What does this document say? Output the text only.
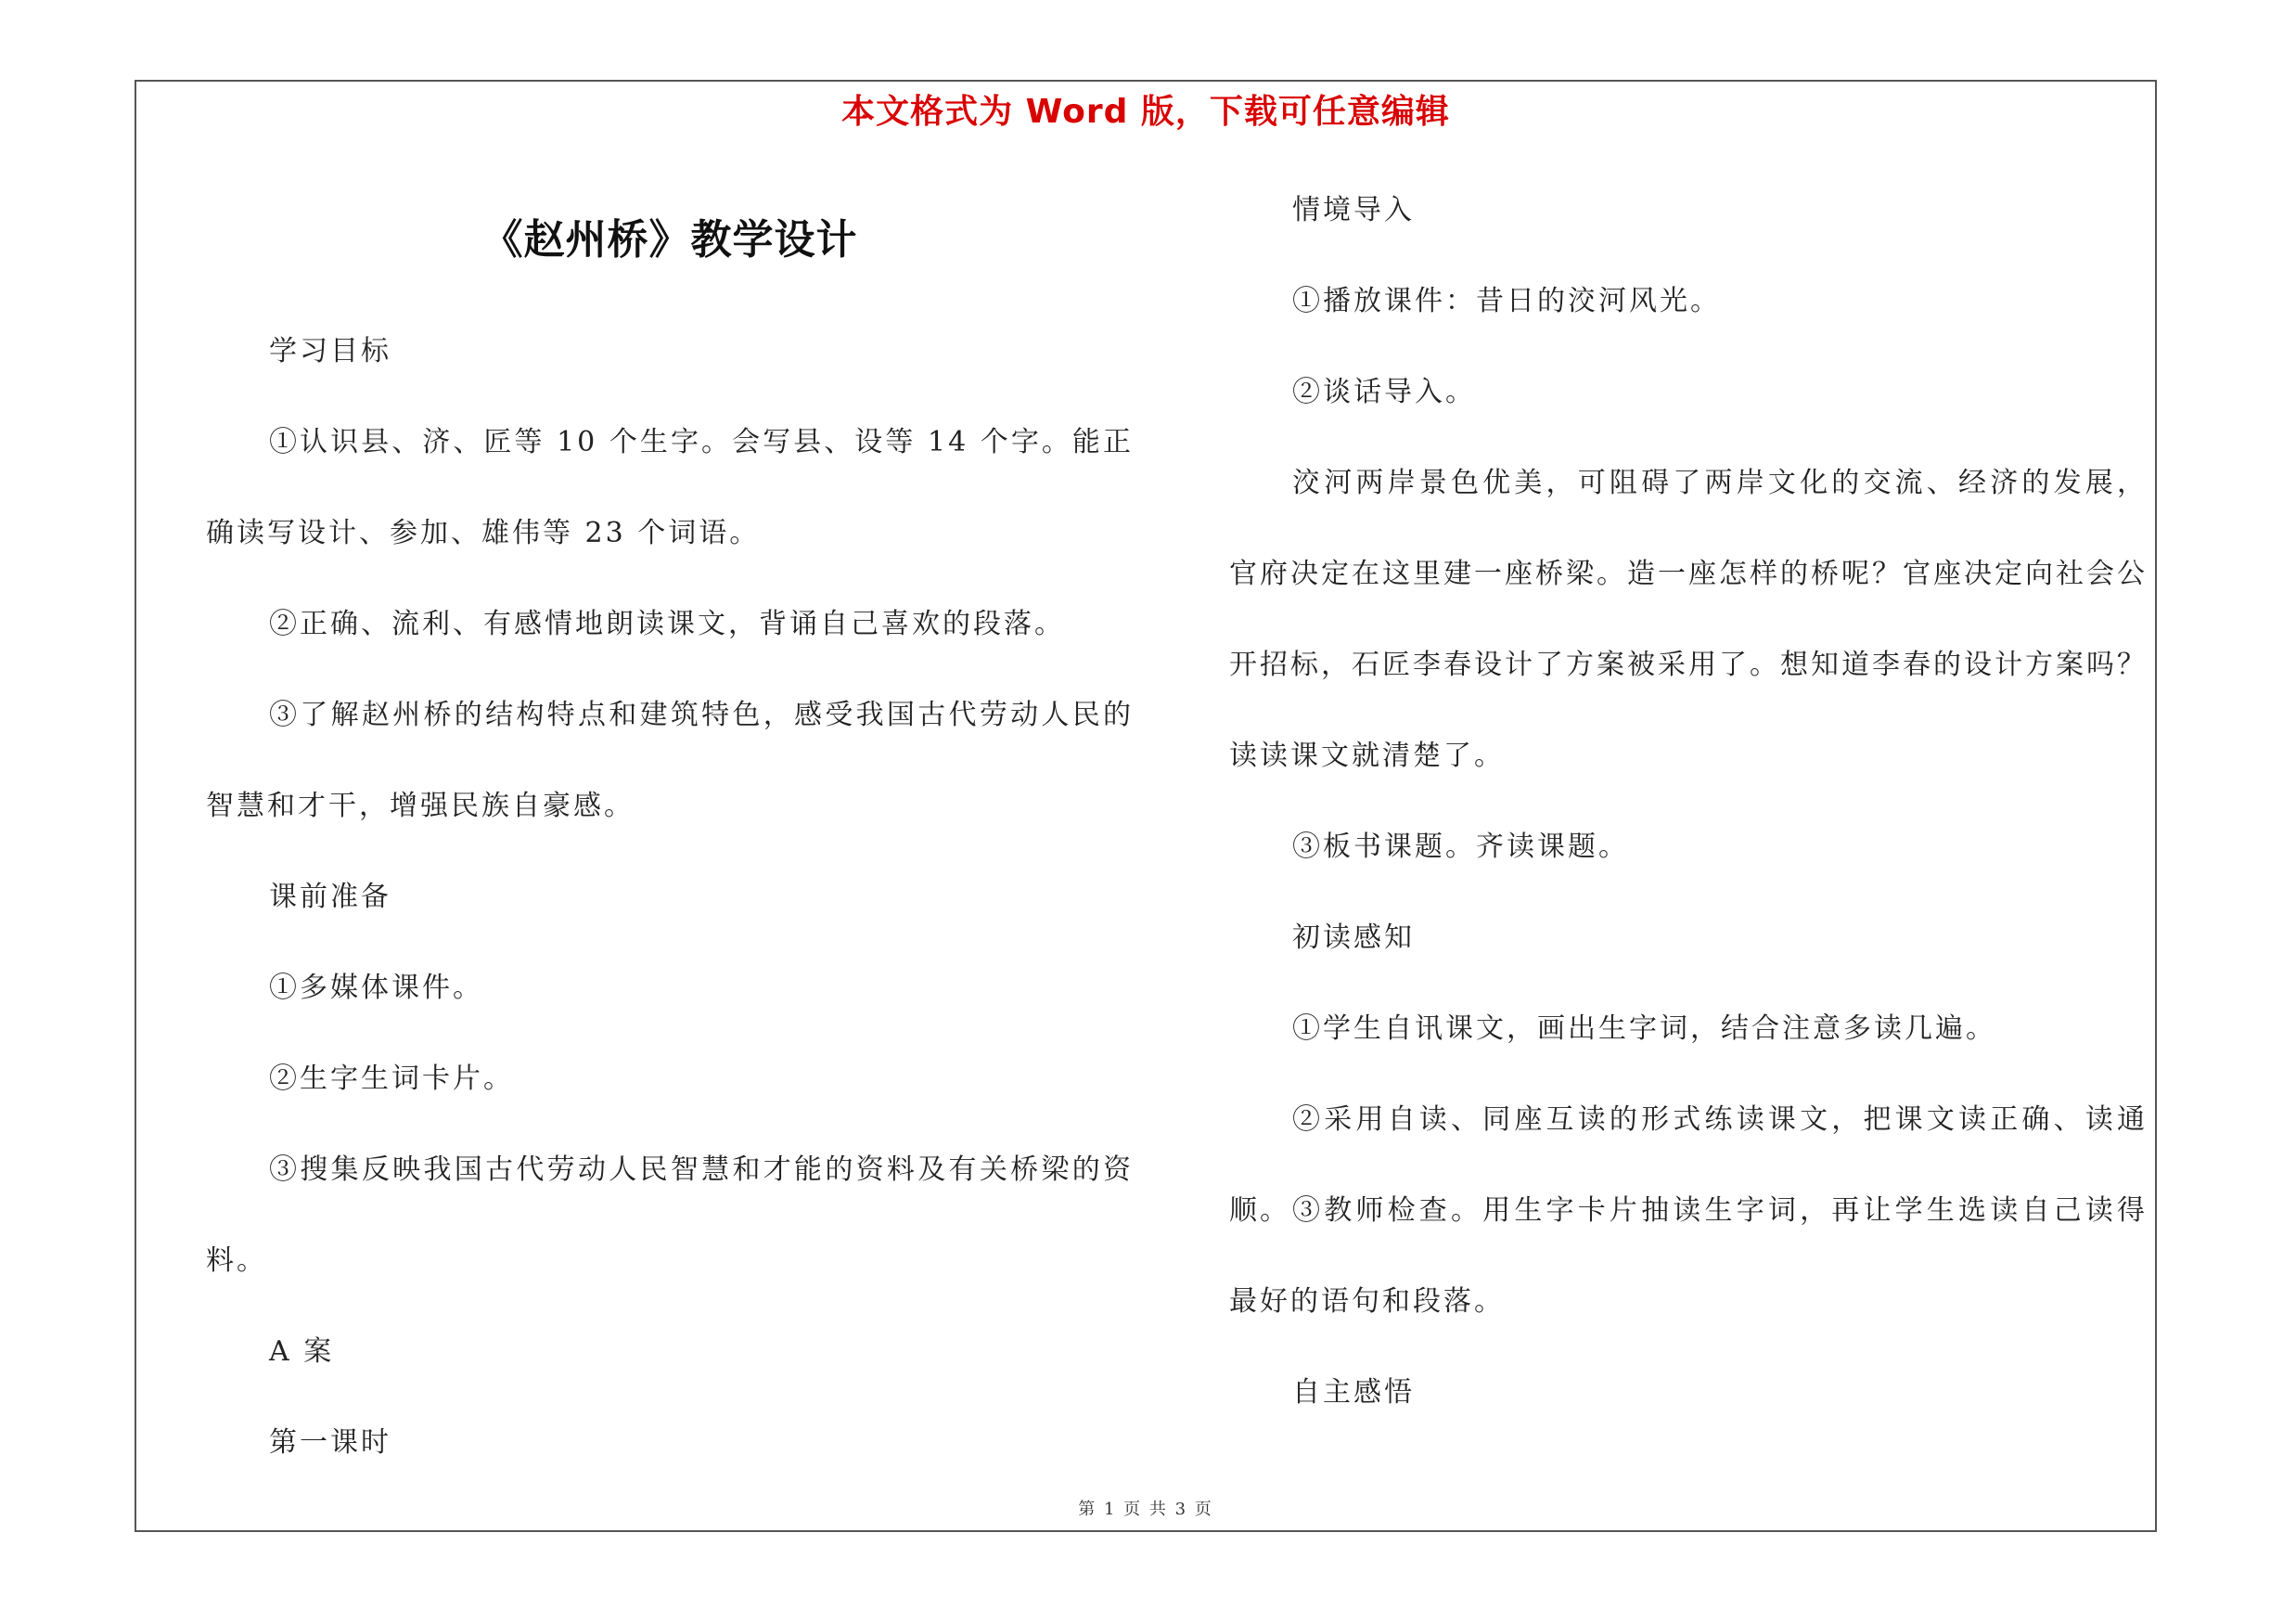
本文格式为 Word 版，下载可任意编辑
《赵州桥》教学设计

学习目标

①认识县、济、匠等 10 个生字。会写县、设等 14 个字。能正确读写设计、参加、雄伟等 23 个词语。

②正确、流利、有感情地朗读课文，背诵自己喜欢的段落。

③了解赵州桥的结构特点和建筑特色，感受我国古代劳动人民的智慧和才干，增强民族自豪感。

课前准备

①多媒体课件。

②生字生词卡片。

③搜集反映我国古代劳动人民智慧和才能的资料及有关桥梁的资料。

A 案

第一课时

情境导入

①播放课件：昔日的洨河风光。

②谈话导入。

洨河两岸景色优美，可阻碍了两岸文化的交流、经济的发展，官府决定在这里建一座桥梁。造一座怎样的桥呢？官座决定向社会公开招标，石匠李春设计了方案被采用了。想知道李春的设计方案吗？读读课文就清楚了。

③板书课题。齐读课题。

初读感知

①学生自讯课文，画出生字词，结合注意多读几遍。

②采用自读、同座互读的形式练读课文，把课文读正确、读通顺。 ③教师检查。用生字卡片抽读生字词，再让学生选读自己读得最好的语句和段落。

自主感悟

第 1 页 共 3 页
